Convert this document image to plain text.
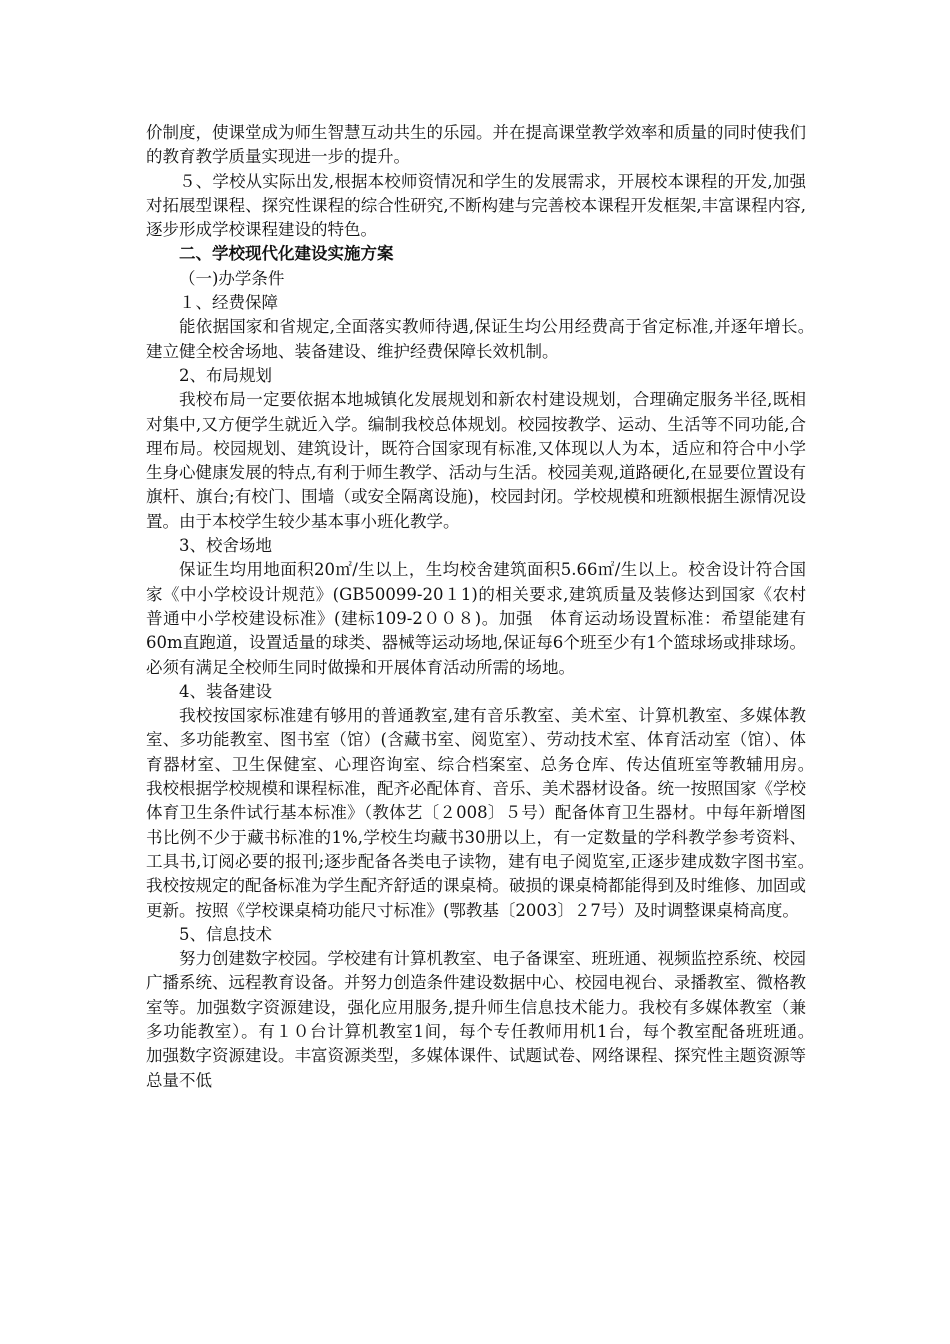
价制度，使课堂成为师生智慧互动共生的乐园。并在提高课堂教学效率和质量的同时使我们的教育教学质量实现进一步的提升。

５、学校从实际出发,根据本校师资情况和学生的发展需求，开展校本课程的开发,加强对拓展型课程、探究性课程的综合性研究,不断构建与完善校本课程开发框架,丰富课程内容,逐步形成学校课程建设的特色。

二、学校现代化建设实施方案

（一)办学条件

１、经费保障

能依据国家和省规定,全面落实教师待遇,保证生均公用经费高于省定标准,并逐年增长。　建立健全校舍场地、装备建设、维护经费保障长效机制。

2、布局规划

我校布局一定要依据本地城镇化发展规划和新农村建设规划，合理确定服务半径,既相对集中,又方便学生就近入学。编制我校总体规划。校园按教学、运动、生活等不同功能,合理布局。校园规划、建筑设计，既符合国家现有标准,又体现以人为本，适应和符合中小学生身心健康发展的特点,有利于师生教学、活动与生活。校园美观,道路硬化,在显要位置设有旗杆、旗台;有校门、围墙（或安全隔离设施)，校园封闭。学校规模和班额根据生源情况设置。由于本校学生较少基本事小班化教学。

3、校舍场地

保证生均用地面积20㎡/生以上，生均校舍建筑面积5.66㎡/生以上。校舍设计符合国家《中小学校设计规范》(GB50099-20１1)的相关要求,建筑质量及装修达到国家《农村普通中小学校建设标准》(建标109-2００８)。加强　体育运动场设置标准：希望能建有60m直跑道，设置适量的球类、器械等运动场地,保证每6个班至少有1个篮球场或排球场。必须有满足全校师生同时做操和开展体育活动所需的场地。

4、装备建设

我校按国家标准建有够用的普通教室,建有音乐教室、美术室、计算机教室、多媒体教室、多功能教室、图书室（馆）(含藏书室、阅览室）、劳动技术室、体育活动室（馆）、体育器材室、卫生保健室、心理咨询室、综合档案室、总务仓库、传达值班室等教辅用房。　我校根据学校规模和课程标准，配齐必配体育、音乐、美术器材设备。统一按照国家《学校体育卫生条件试行基本标准》（教体艺〔２008〕５号）配备体育卫生器材。中每年新增图书比例不少于藏书标准的1%,学校生均藏书30册以上，有一定数量的学科教学参考资料、工具书,订阅必要的报刊;逐步配备各类电子读物，建有电子阅览室,正逐步建成数字图书室。　我校按规定的配备标准为学生配齐舒适的课桌椅。破损的课桌椅都能得到及时维修、加固或更新。按照《学校课桌椅功能尺寸标准》(鄂教基〔2003〕２7号）及时调整课桌椅高度。

5、信息技术

努力创建数字校园。学校建有计算机教室、电子备课室、班班通、视频监控系统、校园广播系统、远程教育设备。并努力创造条件建设数据中心、校园电视台、录播教室、微格教室等。加强数字资源建设，强化应用服务,提升师生信息技术能力。我校有多媒体教室（兼多功能教室）。有１０台计算机教室1间，每个专任教师用机1台，每个教室配备班班通。　加强数字资源建设。丰富资源类型，多媒体课件、试题试卷、网络课程、探究性主题资源等总量不低
